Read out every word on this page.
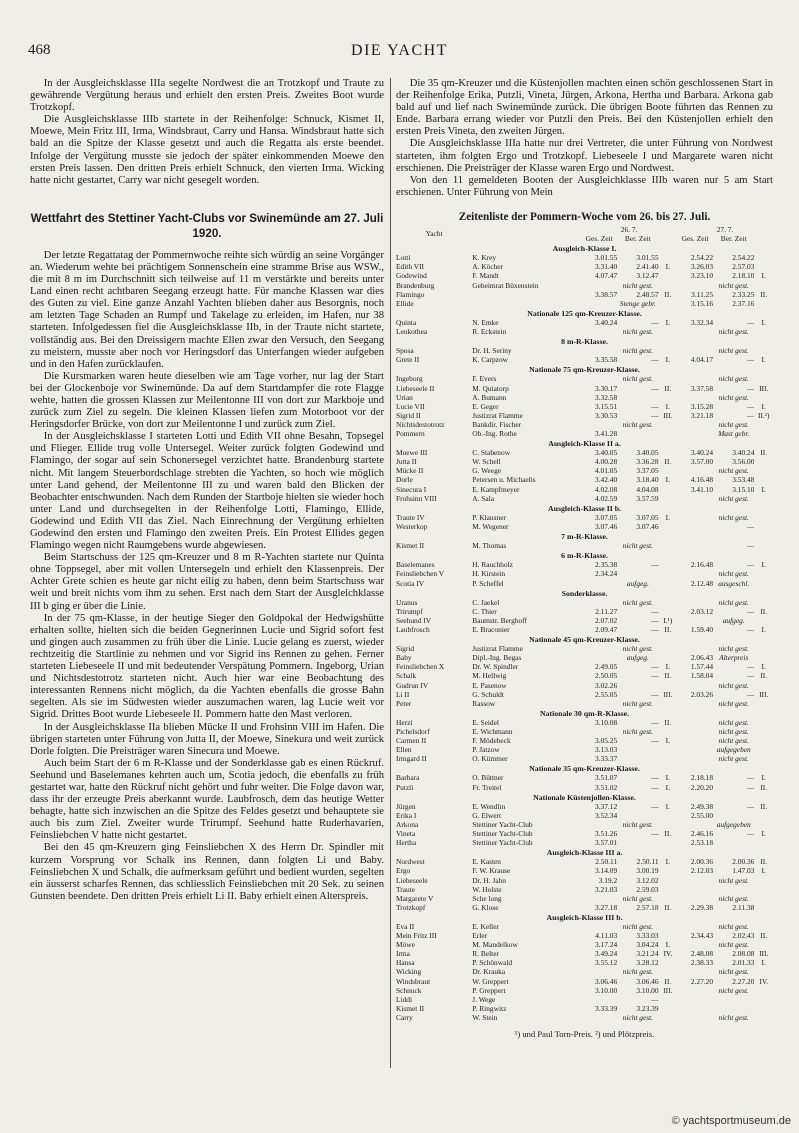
468	DIE YACHT

In der Ausgleichsklasse IIIa segelte Nordwest die an Trotzkopf und Traute zu gewährende Vergütung heraus und erhielt den ersten Preis. Zweites Boot wurde Trotzkopf.

Die Ausgleichsklasse IIIb startete in der Reihenfolge: Schnuck, Kismet II, Moewe, Mein Fritz III, Irma, Windsbraut, Carry und Hansa. Windsbraut hatte sich bald an die Spitze der Klasse gesetzt und auch die Regatta als erste beendet. Infolge der Vergütung musste sie jedoch der später einkommenden Moewe den ersten Preis lassen. Den dritten Preis erhielt Schnuck, den vierten Irma. Wicking hatte nicht gestartet, Carry war nicht gesegelt worden.

Wettfahrt des Stettiner Yacht-Clubs vor Swinemünde am 27. Juli 1920.

Der letzte Regattatag der Pommernwoche reihte sich würdig an seine Vorgänger an. Wiederum wehte bei prächtigem Sonnenschein eine stramme Brise aus WSW., die mit 8 m im Durchschnitt sich teilweise auf 11 m verstärkte und bereits unter Land einen recht achtbaren Seegang erzeugt hatte. Für manche Klassen war dies des Guten zu viel. Eine ganze Anzahl Yachten blieben daher aus Besorgnis, noch am letzten Tage Schaden an Rumpf und Takelage zu erleiden, im Hafen, nur 38 starteten. Infolgedessen fiel die Ausgleichsklasse IIb, in der Traute nicht startete, vollständig aus. Bei den Dreissigern machte Ellen zwar den Versuch, den Seegang zu meistern, musste aber noch vor Heringsdorf das Unterfangen wieder aufgeben und in den Hafen zurücklaufen.

Die Kursmarken waren heute dieselben wie am Tage vorher, nur lag der Start bei der Glockenboje vor Swinemünde. Da auf dem Startdampfer die rote Flagge wehte, hatten die grossen Klassen zur Meilentonne III von dort zur Markboje und zurück zum Ziel zu segeln. Die kleinen Klassen liefen zum Motorboot vor der Heringsdorfer Brücke, von dort zur Meilentonne I und zurück zum Ziel.

In der Ausgleichsklasse I starteten Lotti und Edith VII ohne Besahn, Topsegel und Flieger. Ellide trug volle Untersegel. Weiter zurück folgten Godewind und Flamingo, der sogar auf sein Schonersegel verzichtet hatte. Brandenburg startete nicht. Mit langem Steuerbordschlage strebten die Yachten, so hoch wie möglich unter Land gehend, der Meilentonne III zu und waren bald den Blicken der Beobachter entschwunden. Nach dem Runden der Startboje hielten sie wieder hoch unter Land und durchsegelten in der Reihenfolge Lotti, Flamingo, Ellide, Godewind und Edith VII das Ziel. Nach Einrechnung der Vergütung erhielten Godewind den ersten und Flamingo den zweiten Preis. Ein Protest Ellides gegen Flamingo wegen nicht Raumgebens wurde abgewiesen.

Beim Startschuss der 125 qm-Kreuzer und 8 m R-Yachten startete nur Quinta ohne Toppsegel, aber mit vollen Untersegeln und erhielt den Klassenpreis. Der Achter Grete schien es heute gar nicht eilig zu haben, denn beim Startschuss war weit und breit nichts vom ihm zu sehen. Erst nach dem Start der Ausgleichklasse III b ging er über die Linie.

In der 75 qm-Klasse, in der heutige Sieger den Goldpokal der Hedwigshütte erhalten sollte, hielten sich die beiden Gegnerinnen Lucie und Sigrid sofort fest und gingen auch zusammen zu früh über die Linie. Lucie gelang es zuerst, wieder rechtzeitig die Startlinie zu nehmen und vor Sigrid ins Rennen zu gehen. Ferner starteten Liebeseele II und mit bedeutender Verspätung Pommern. Ingeborg, Urian und Nichtsdestotrotz starteten nicht. Auch hier war eine Beobachtung des interessanten Rennens nicht möglich, da die Yachten ebenfalls die grosse Bahn segelten. Als sie im Südwesten wieder auszumachen waren, lag Lucie weit vor Sigrid. Drittes Boot wurde Liebeseele II. Pommern hatte den Mast verloren.

In der Ausgleichsklasse IIa blieben Mücke II und Frohsinn VIII im Hafen. Die übrigen starteten unter Führung von Jutta II, der Moewe, Sinekura und weit zurück Dorle folgten. Die Preisträger waren Sinecura und Moewe.

Auch beim Start der 6 m R-Klasse und der Sonderklasse gab es einen Rückruf. Seehund und Baselemanes kehrten auch um, Scotia jedoch, die ebenfalls zu früh gestartet war, hatte den Rückruf nicht gehört und fuhr weiter. Die Folge davon war, dass ihr der erzeugte Preis aberkannt wurde. Laubfrosch, dem das heutige Wetter behagte, hatte sich inzwischen an die Spitze des Feldes gesetzt und behauptete sie auch bis zum Ziel. Zweiter wurde Trirumpf. Seehund hatte Ruderhavarien, Feinsliebchen V hatte nicht gestartet.

Bei den 45 qm-Kreuzern ging Feinsliebchen X des Herrn Dr. Spindler mit kurzem Vorsprung vor Schalk ins Rennen, dann folgten Li und Baby. Feinsliebchen X und Schalk, die aufmerksam geführt und bedient wurden, segelten ein äusserst scharfes Rennen, das schliesslich Feinsliebchen mit 20 Sek. zu seinen Gunsten beendete. Den dritten Preis erhielt Li II. Baby erhielt einen Alterspreis.

Die 35 qm-Kreuzer und die Küstenjollen machten einen schön geschlossenen Start in der Reihenfolge Erika, Putzli, Vineta, Jürgen, Arkona, Hertha und Barbara. Arkona gab bald auf und lief nach Swinemünde zurück. Die übrigen Boote führten das Rennen zu Ende. Barbara errang wieder vor Putzli den Preis. Bei den Küstenjollen erhielt den ersten Preis Vineta, den zweiten Jürgen.

Die Ausgleichsklasse IIIa hatte nur drei Vertreter, die unter Führung von Nordwest starteten, ihm folgten Ergo und Trotzkopf. Liebeseele I und Margarete waren nicht erschienen. Die Preisträger der Klasse waren Ergo und Nordwest.

Von den 11 gemeldeten Booten der Ausgleichklasse IIIb waren nur 5 am Start erschienen. Unter Führung von Mein

Zeitenliste der Pommern-Woche vom 26. bis 27. Juli.
Yacht		26. 7.			27. 7.		
		Ges. Zeit	Ber. Zeit		Ges. Zeit	Ber. Zeit	
Ausgleich-Klasse I.							
Lotti	K. Krey	3.01.55	3.01.55		2.54.22	2.54.22	
Edith VII	A. Köcher	3.31.40	2.41.40	I.	3.26.03	2.57.03	
Godewind	F. Mandt	4.07.47	3.12.47		3.23.10	2.18.10	I.
Brandenburg	Geheimrat Büxenstein		nicht gest.			nicht gest.	
Flamingo		3.38.57	2.48.57	II.	3.11.25	2.33.25	II.
Ellide			Stenge gebr.		3.15.16	2.37.16	
Nationale 125 qm-Kreuzer-Klasse.							
Quinta	N. Emke	3.40.24	—	I.	3.32.34	—	I.
Leukothea	R. Eckstein		nicht gest.			nicht gest.	
8 m-R-Klasse.							
Sposa	Dr. H. Seriny		nicht gest.			nicht gest.	
Grete II	K. Carpzow	3.35.58	—	I.	4.04.17	—	I.
Nationale 75 qm-Kreuzer-Klasse.							
Ingeborg	F. Evers		nicht gest.			nicht gest.	
Liebeseele II	M. Quiatorp	3.30.17	—	II.	3.37.58	—	III.
Urian	A. Bumann	3.32.58				nicht gest.	
Lucie VII	E. Geger	3.15.51	—	I.	3.15.28	—	I.
Sigrid II	Justizrat Flamme	3.30.53	—	III.	3.21.18	—	II.²)
Nichtsdestotrotz	Bankdir. Fischer		nicht gest.			nicht gest.	
Pommern	Ob.-Ing. Rothe	3.41.28				Mast gebr.	
Ausgleich-Klasse II a.							
Moewe III	C. Stabenow	3.40.05	3.40.05		3.40.24	3.40.24	II.
Jutta II	W. Schell	4.00.28	3.36.28	II.	3.57.00	3.56.00	
Mücke II	G. Weege	4.01.05	3.37.05			nicht gest.	
Dorle	Petersen u. Michaelis	3.42.40	3.18.40	I.	4.16.48	3.53.48	
Sinecura I	E. Kampfmeyer	4.02.08	4.04.08		3.41.10	3.15.10	I.
Frohsinn VIII	A. Sala	4.02.59	3.57.59			nicht gest.	
Ausgleich-Klasse II b.							
Traute IV	P. Klausner	3.07.05	3.07.05	I.		nicht gest.	
Westerkop	M. Wegener	3.07.46	3.07.46			—	
7 m-R-Klasse.							
Kismet II	M. Thomas		nicht gest.			—	
6 m-R-Klasse.							
Baselemanes	H. Rauchholz	2.35.38	—		2.16.48	—	I.
Feinsliebchen V	H. Kirstein	2.34.24				nicht gest.	
Scotia IV	P. Scheffel		aufgeg.		2.12.48	ausgeschl.	
Sonderklasse.							
Uranus	C. Jaekel		nicht gest.			nicht gest.	
Trirumpf	C. Thier	2.11.27	—		2.03.12	—	II.
Seehund IV	Baumstr. Berghoff	2.07.02	—	I.¹)		aufgeg.	
Laubfrosch	E. Braconier	2.09.47	—	II.	1.59.40	—	I.
Nationale 45 qm-Kreuzer-Klasse.							
Sigrid	Justizrat Flamme		nicht gest.			nicht gest.	
Baby	Dipl.-Ing. Begas		aufgeg.		2.06.43	Alterpreis	
Feinsliebchen X	Dr. W. Spindler	2.49.05	—	I.	1.57.44	—	I.
Schalk	M. Hellwig	2.50.05	—	II.	1.58.04	—	II.
Gudrun IV	E. Pasenow	3.02.26				nicht gest.	
Li II	G. Schuldt	2.55.05	—	III.	2.03.26	—	III.
Peter	Rassow		nicht gest.			nicht gest.	
Nationale 30 qm-R-Klasse.							
Herzi	E. Seidel	3.10.08	—	II.		nicht gest.	
Pichelsdorf	E. Wichmann		nicht gest.			nicht gest.	
Carmen II	F. Mödebeck	3.05.25	—	I.		nicht gest.	
Ellen	P. Jatzow	3.13.03				aufgegeben	
Irmgard II	O. Kümmer	3.33.37				nicht gest.	
Nationale 35 qm-Kreuzer-Klasse.							
Barbara	O. Büttner	3.51.07	—	I.	2.18.18	—	I.
Putzli	Fr. Treitel	3.51.02	—	I.	2.20.20	—	II.
Nationale Küstenjollen-Klasse.							
Jürgen	E. Wendlin	3.37.12	—	I.	2.49.38	—	II.
Erika I	G. Elwert	3.52.34			2.55.00		
Arkona	Stettiner Yacht-Club		nicht gest.			aufgegeben	
Vineta	Stettiner Yacht-Club	3.51.26	—	II.	2.46.16	—	I.
Hertha	Stettiner Yacht-Club	3.57.01			2.53.18		
Ausgleich-Klasse III a.							
Nordwest	E. Kasten	2.50.11	2.50.11	I.	2.00.36	2.00.36	II.
Ergo	F. W. Krause	3.14.09	3.00.19		2.12.03	1.47.03	I.
Liebeseele	Dr. H. Jahn	3.19.2	3.12.02			nicht gest.	
Traute	W. Holste	3.21.03	2.59.03				
Margarete V	Sche long		nicht gest.			nicht gest.	
Trotzkopf	G. Klose	3.27.18	2.57.18	II.	2.29.38	2.11.38	
Ausgleich-Klasse III b.							
Eva II	E. Keller		nicht gest.			nicht gest.	
Mein Fritz III	Erler	4.11.03	3.33.03		2.34.43	2.02.43	II.
Möwe	M. Mandelkow	3.17.24	3.04.24	I.		nicht gest.	
Irma	R. Belter	3.49.24	3.21.24	IV.	2.48.08	2.08.08	III.
Hansa	P. Schönwald	3.55.12	3.28.12		2.38.33	2.01.33	I.
Wicking	Dr. Krauka		nicht gest.			nicht gest.	
Windsbraut	W. Greppert	3.06.46	3.06.46	II.	2.27.20	2.27.20	IV.
Schnuck	P. Greppert	3.10.00	3.10.00	III.		nicht gest.	
Liddi	J. Wege		—				
Kismet II	P. Ringwitz	3.33.39	3.23.39				
Carry	W. Stein		nicht gest.			nicht gest.	
¹) und Paul Torn-Preis. ²) und Plötzpreis.
© yachtsportmuseum.de
